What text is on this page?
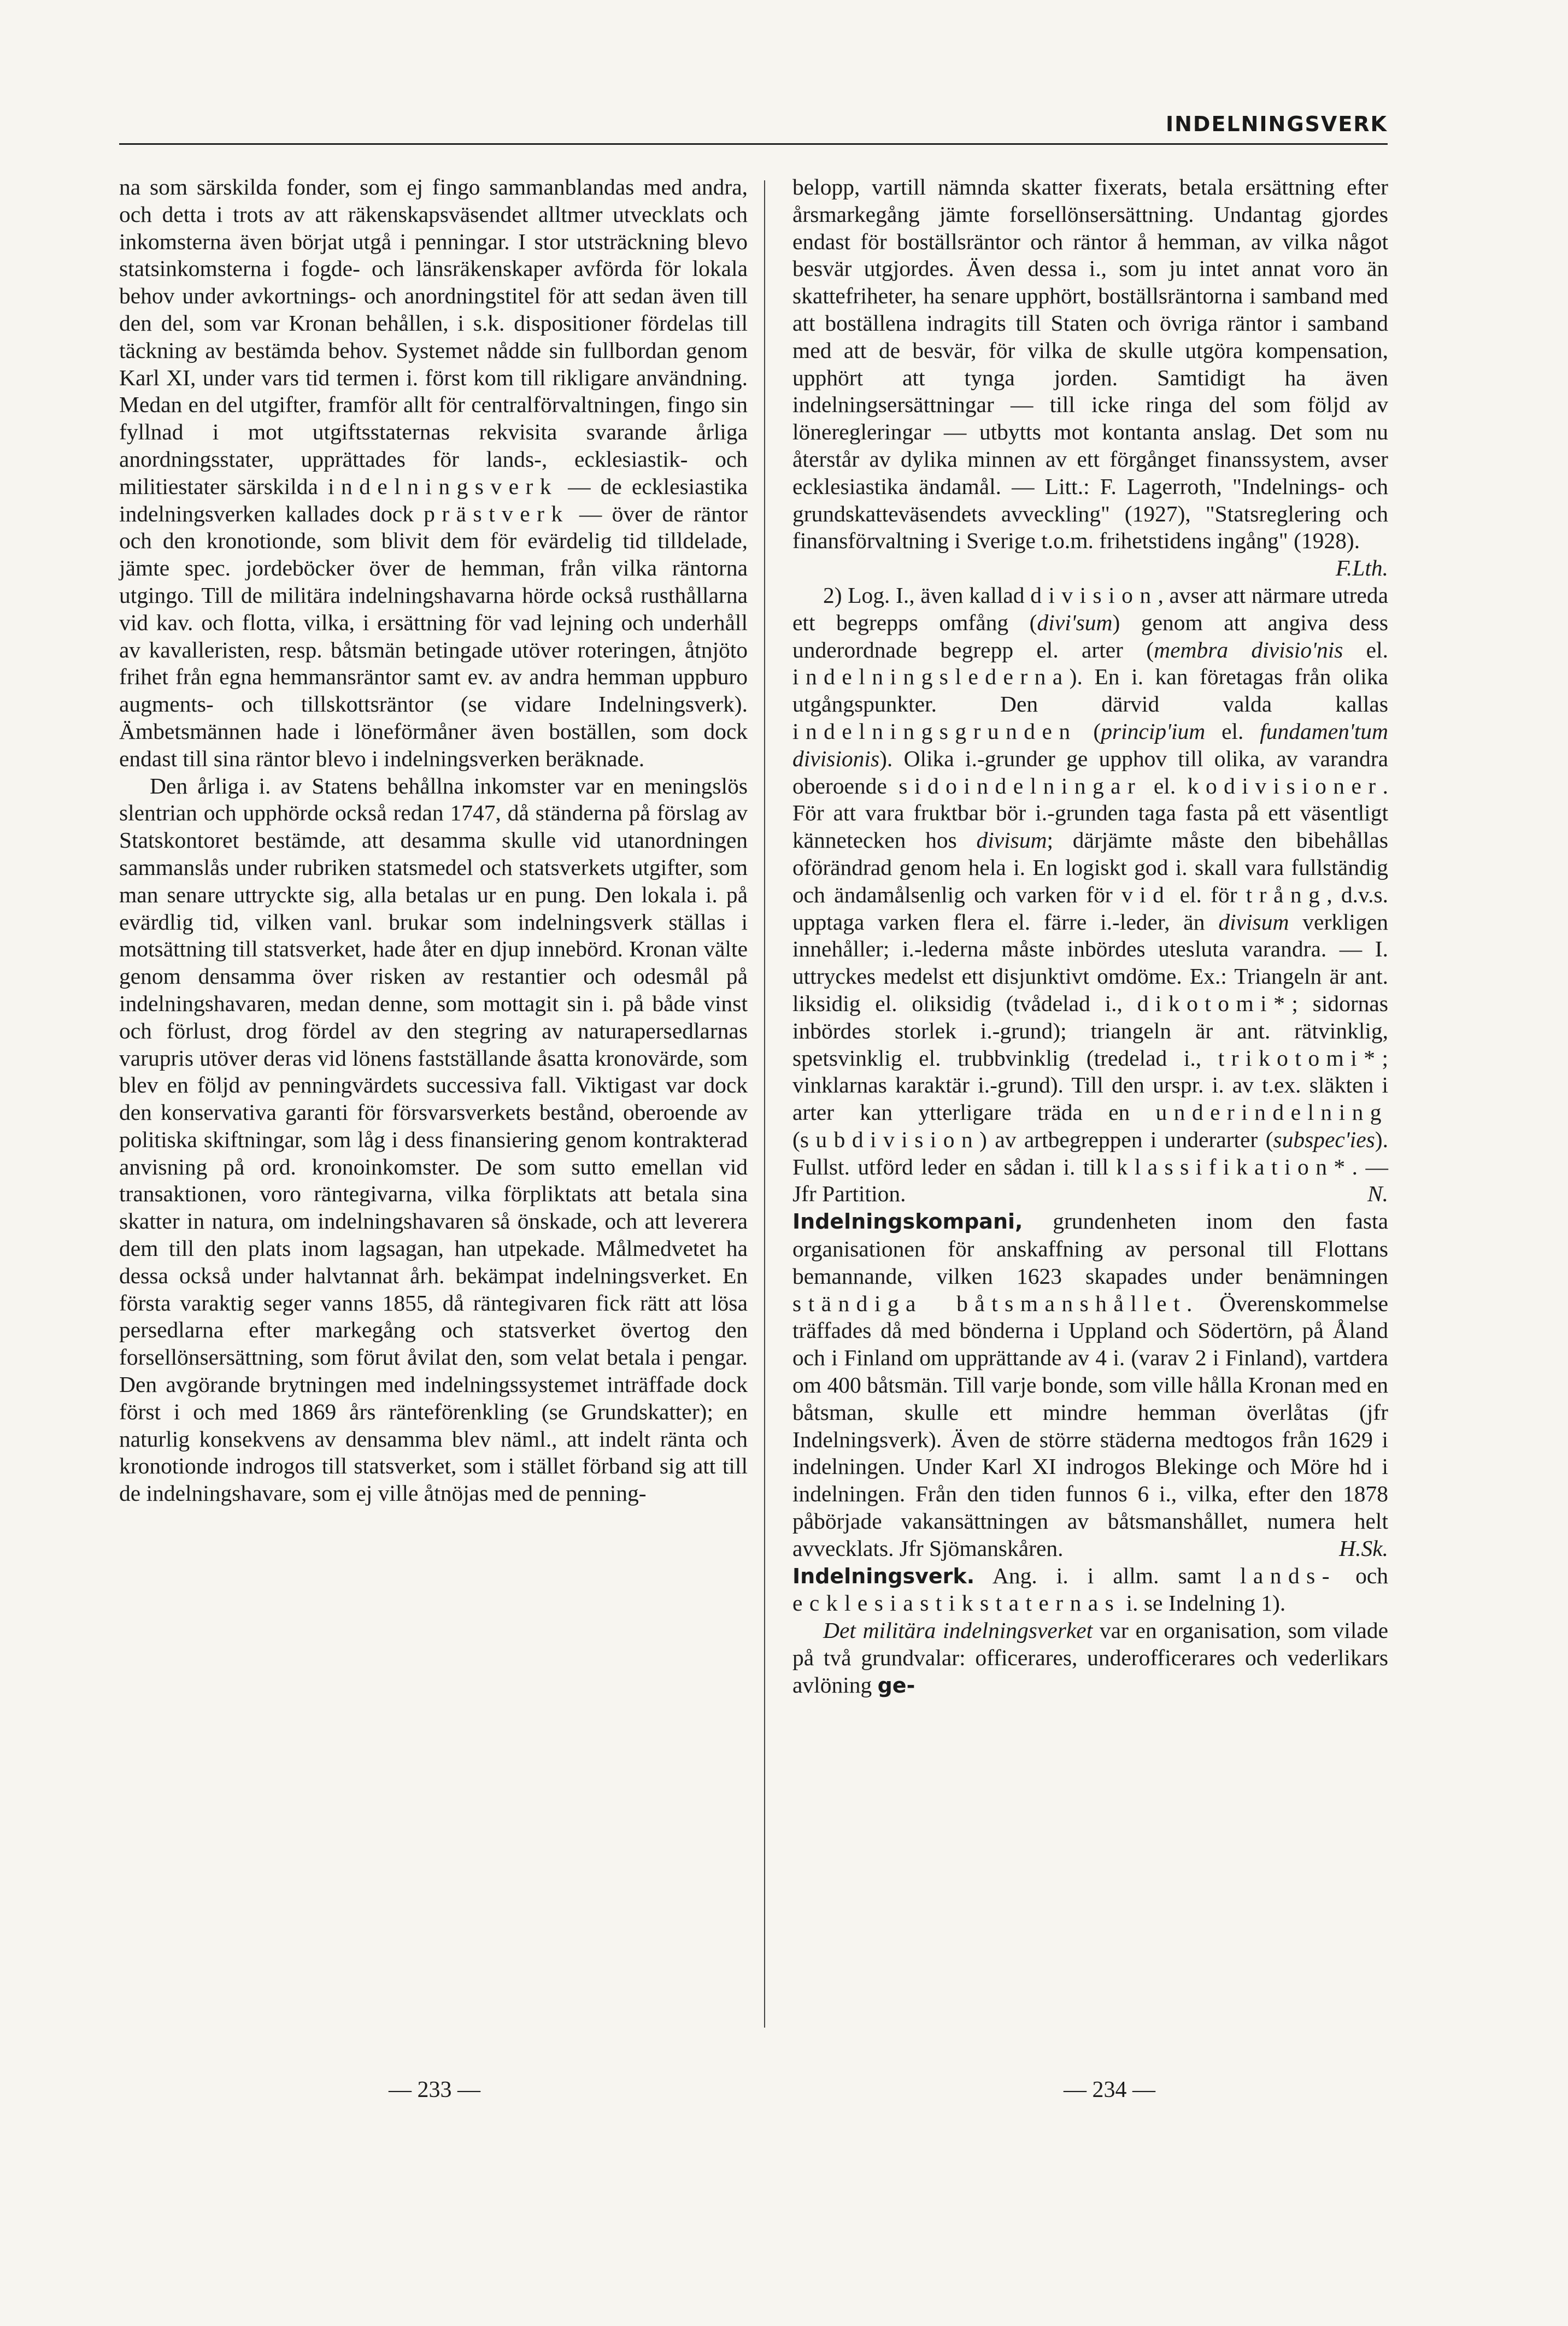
INDELNINGSVERK

na som särskilda fonder, som ej fingo sammanblandas med andra, och detta i trots av att räkenskapsväsendet alltmer utvecklats och inkomsterna även börjat utgå i penningar. I stor utsträckning blevo statsinkomsterna i fogde- och länsräkenskaper avförda för lokala behov under avkortnings- och anordningstitel för att sedan även till den del, som var Kronan behållen, i s.k. dispositioner fördelas till täckning av bestämda behov. Systemet nådde sin fullbordan genom Karl XI, under vars tid termen i. först kom till rikligare användning. Medan en del utgifter, framför allt för centralförvaltningen, fingo sin fyllnad i mot utgiftsstaternas rekvisita svarande årliga anordningsstater, upprättades för lands-, ecklesiastik- och militiestater särskilda indelningsverk — de ecklesiastika indelningsverken kallades dock prästverk — över de räntor och den kronotionde, som blivit dem för evärdelig tid tilldelade, jämte spec. jordeböcker över de hemman, från vilka räntorna utgingo. Till de militära indelningshavarna hörde också rusthållarna vid kav. och flotta, vilka, i ersättning för vad lejning och underhåll av kavalleristen, resp. båtsmän betingade utöver roteringen, åtnjöto frihet från egna hemmansräntor samt ev. av andra hemman uppburo augments- och tillskottsräntor (se vidare Indelningsverk). Ämbetsmännen hade i löneförmåner även boställen, som dock endast till sina räntor blevo i indelningsverken beräknade.

Den årliga i. av Statens behållna inkomster var en meningslös slentrian och upphörde också redan 1747, då ständerna på förslag av Statskontoret bestämde, att desamma skulle vid utanordningen sammanslås under rubriken statsmedel och statsverkets utgifter, som man senare uttryckte sig, alla betalas ur en pung. Den lokala i. på evärdlig tid, vilken vanl. brukar som indelningsverk ställas i motsättning till statsverket, hade åter en djup innebörd. Kronan välte genom densamma över risken av restantier och odesmål på indelningshavaren, medan denne, som mottagit sin i. på både vinst och förlust, drog fördel av den stegring av naturapersedlarnas varupris utöver deras vid lönens fastställande åsatta kronovärde, som blev en följd av penningvärdets successiva fall. Viktigast var dock den konservativa garanti för försvarsverkets bestånd, oberoende av politiska skiftningar, som låg i dess finansiering genom kontrakterad anvisning på ord. kronoinkomster. De som sutto emellan vid transaktionen, voro räntegivarna, vilka förpliktats att betala sina skatter in natura, om indelningshavaren så önskade, och att leverera dem till den plats inom lagsagan, han utpekade. Målmedvetet ha dessa också under halvtannat årh. bekämpat indelningsverket. En första varaktig seger vanns 1855, då räntegivaren fick rätt att lösa persedlarna efter markegång och statsverket övertog den forsellönsersättning, som förut åvilat den, som velat betala i pengar. Den avgörande brytningen med indelningssystemet inträffade dock först i och med 1869 års ränteförenkling (se Grundskatter); en naturlig konsekvens av densamma blev näml., att indelt ränta och kronotionde indrogos till statsverket, som i stället förband sig att till de indelningshavare, som ej ville åtnöjas med de penning-

belopp, vartill nämnda skatter fixerats, betala ersättning efter årsmarkegång jämte forsellönsersättning. Undantag gjordes endast för boställsräntor och räntor å hemman, av vilka något besvär utgjordes. Även dessa i., som ju intet annat voro än skattefriheter, ha senare upphört, boställsräntorna i samband med att boställena indragits till Staten och övriga räntor i samband med att de besvär, för vilka de skulle utgöra kompensation, upphört att tynga jorden. Samtidigt ha även indelningsersättningar — till icke ringa del som följd av löneregleringar — utbytts mot kontanta anslag. Det som nu återstår av dylika minnen av ett förgånget finanssystem, avser ecklesiastika ändamål. — Litt.: F. Lagerroth, "Indelnings- och grundskatteväsendets avveckling" (1927), "Statsreglering och finansförvaltning i Sverige t.o.m. frihetstidens ingång" (1928).
F.Lth.

2) Log. I., även kallad division, avser att närmare utreda ett begrepps omfång (divi'sum) genom att angiva dess underordnade begrepp el. arter (membra divisio'nis el. indelningslederna). En i. kan företagas från olika utgångspunkter. Den därvid valda kallas indelningsgrunden (princip'ium el. fundamen'tum divisionis). Olika i.-grunder ge upphov till olika, av varandra oberoende sidoindelningar el. kodivisioner. För att vara fruktbar bör i.-grunden taga fasta på ett väsentligt kännetecken hos divisum; därjämte måste den bibehållas oförändrad genom hela i. En logiskt god i. skall vara fullständig och ändamålsenlig och varken för vid el. för trång, d.v.s. upptaga varken flera el. färre i.-leder, än divisum verkligen innehåller; i.-lederna måste inbördes utesluta varandra. — I. uttryckes medelst ett disjunktivt omdöme. Ex.: Triangeln är ant. liksidig el. oliksidig (tvådelad i., dikotomi*; sidornas inbördes storlek i.-grund); triangeln är ant. rätvinklig, spetsvinklig el. trubbvinklig (tredelad i., trikotomi*; vinklarnas karaktär i.-grund). Till den urspr. i. av t.ex. släkten i arter kan ytterligare träda en underindelning (subdivision) av artbegreppen i underarter (subspec'ies). Fullst. utförd leder en sådan i. till klassifikation*. — Jfr Partition.	N.

Indelningskompani, grundenheten inom den fasta organisationen för anskaffning av personal till Flottans bemannande, vilken 1623 skapades under benämningen ständiga båtsmanshållet. Överenskommelse träffades då med bönderna i Uppland och Södertörn, på Åland och i Finland om upprättande av 4 i. (varav 2 i Finland), vartdera om 400 båtsmän. Till varje bonde, som ville hålla Kronan med en båtsman, skulle ett mindre hemman överlåtas (jfr Indelningsverk). Även de större städerna medtogos från 1629 i indelningen. Under Karl XI indrogos Blekinge och Möre hd i indelningen. Från den tiden funnos 6 i., vilka, efter den 1878 påbörjade vakansättningen av båtsmanshållet, numera helt avvecklats. Jfr Sjömanskåren.	H.Sk.

Indelningsverk. Ang. i. i allm. samt lands- och ecklesiastikstaternas i. se Indelning 1).

Det militära indelningsverket var en organisation, som vilade på två grundvalar: officerares, underofficerares och vederlikars avlöning ge-

— 233 —	— 234 —
